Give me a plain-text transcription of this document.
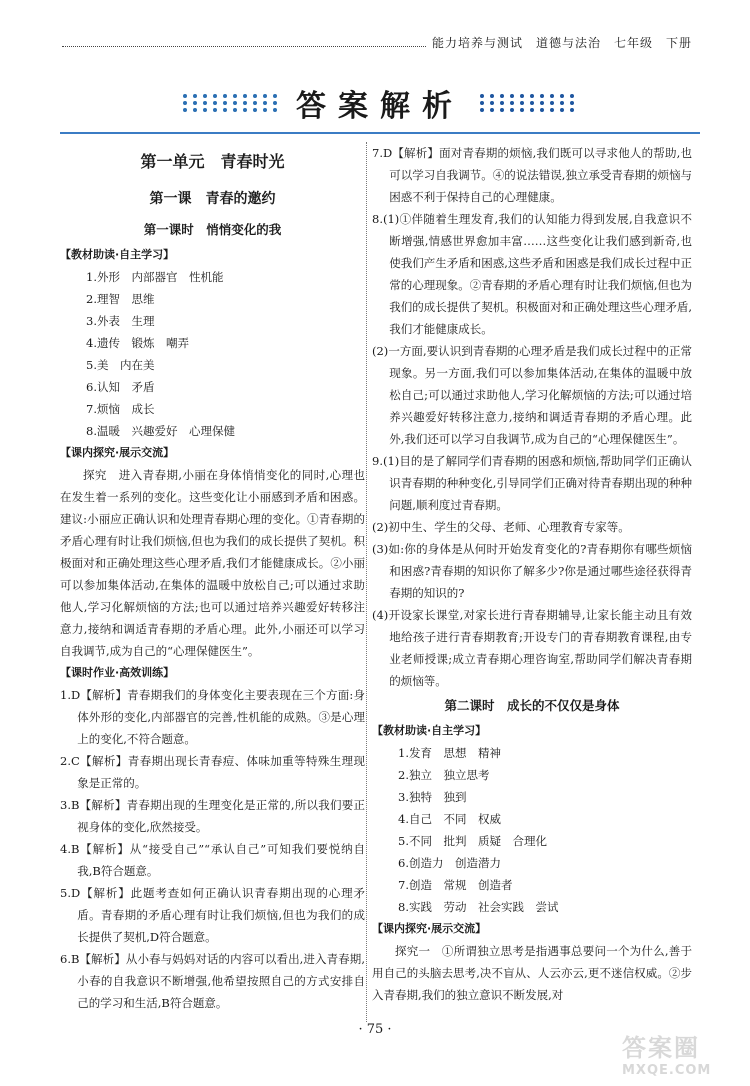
能力培养与测试　道德与法治　七年级　下册
答案解析
第一单元　青春时光
第一课　青春的邀约
第一课时　悄悄变化的我
【教材助读·自主学习】
1.外形　内部器官　性机能
2.理智　思维
3.外表　生理
4.遗传　锻炼　嘲弄
5.美　内在美
6.认知　矛盾
7.烦恼　成长
8.温暖　兴趣爱好　心理保健
【课内探究·展示交流】

探究　进入青春期,小丽在身体悄悄变化的同时,心理也在发生着一系列的变化。这些变化让小丽感到矛盾和困惑。建议:小丽应正确认识和处理青春期心理的变化。①青春期的矛盾心理有时让我们烦恼,但也为我们的成长提供了契机。积极面对和正确处理这些心理矛盾,我们才能健康成长。②小丽可以参加集体活动,在集体的温暖中放松自己;可以通过求助他人,学习化解烦恼的方法;也可以通过培养兴趣爱好转移注意力,接纳和调适青春期的矛盾心理。此外,小丽还可以学习自我调节,成为自己的“心理保健医生”。

【课时作业·高效训练】

1.D【解析】青春期我们的身体变化主要表现在三个方面:身体外形的变化,内部器官的完善,性机能的成熟。③是心理上的变化,不符合题意。

2.C【解析】青春期出现长青春痘、体味加重等特殊生理现象是正常的。

3.B【解析】青春期出现的生理变化是正常的,所以我们要正视身体的变化,欣然接受。

4.B【解析】从“接受自己”“承认自己”可知我们要悦纳自我,B符合题意。

5.D【解析】此题考查如何正确认识青春期出现的心理矛盾。青春期的矛盾心理有时让我们烦恼,但也为我们的成长提供了契机,D符合题意。

6.B【解析】从小春与妈妈对话的内容可以看出,进入青春期,小春的自我意识不断增强,他希望按照自己的方式安排自己的学习和生活,B符合题意。

7.D【解析】面对青春期的烦恼,我们既可以寻求他人的帮助,也可以学习自我调节。④的说法错误,独立承受青春期的烦恼与困惑不利于保持自己的心理健康。

8.(1)①伴随着生理发育,我们的认知能力得到发展,自我意识不断增强,情感世界愈加丰富……这些变化让我们感到新奇,也使我们产生矛盾和困惑,这些矛盾和困惑是我们成长过程中正常的心理现象。②青春期的矛盾心理有时让我们烦恼,但也为我们的成长提供了契机。积极面对和正确处理这些心理矛盾,我们才能健康成长。

(2)一方面,要认识到青春期的心理矛盾是我们成长过程中的正常现象。另一方面,我们可以参加集体活动,在集体的温暖中放松自己;可以通过求助他人,学习化解烦恼的方法;可以通过培养兴趣爱好转移注意力,接纳和调适青春期的矛盾心理。此外,我们还可以学习自我调节,成为自己的“心理保健医生”。

9.(1)目的是了解同学们青春期的困惑和烦恼,帮助同学们正确认识青春期的种种变化,引导同学们正确对待青春期出现的种种问题,顺利度过青春期。

(2)初中生、学生的父母、老师、心理教育专家等。

(3)如:你的身体是从何时开始发育变化的?青春期你有哪些烦恼和困惑?青春期的知识你了解多少?你是通过哪些途径获得青春期的知识的?

(4)开设家长课堂,对家长进行青春期辅导,让家长能主动且有效地给孩子进行青春期教育;开设专门的青春期教育课程,由专业老师授课;成立青春期心理咨询室,帮助同学们解决青春期的烦恼等。

第二课时　成长的不仅仅是身体
【教材助读·自主学习】
1.发育　思想　精神
2.独立　独立思考
3.独特　独到
4.自己　不同　权威
5.不同　批判　质疑　合理化
6.创造力　创造潜力
7.创造　常规　创造者
8.实践　劳动　社会实践　尝试
【课内探究·展示交流】

探究一　①所谓独立思考是指遇事总要问一个为什么,善于用自己的头脑去思考,决不盲从、人云亦云,更不迷信权威。②步入青春期,我们的独立意识不断发展,对

· 75 ·
答案圈
MXQE.COM
